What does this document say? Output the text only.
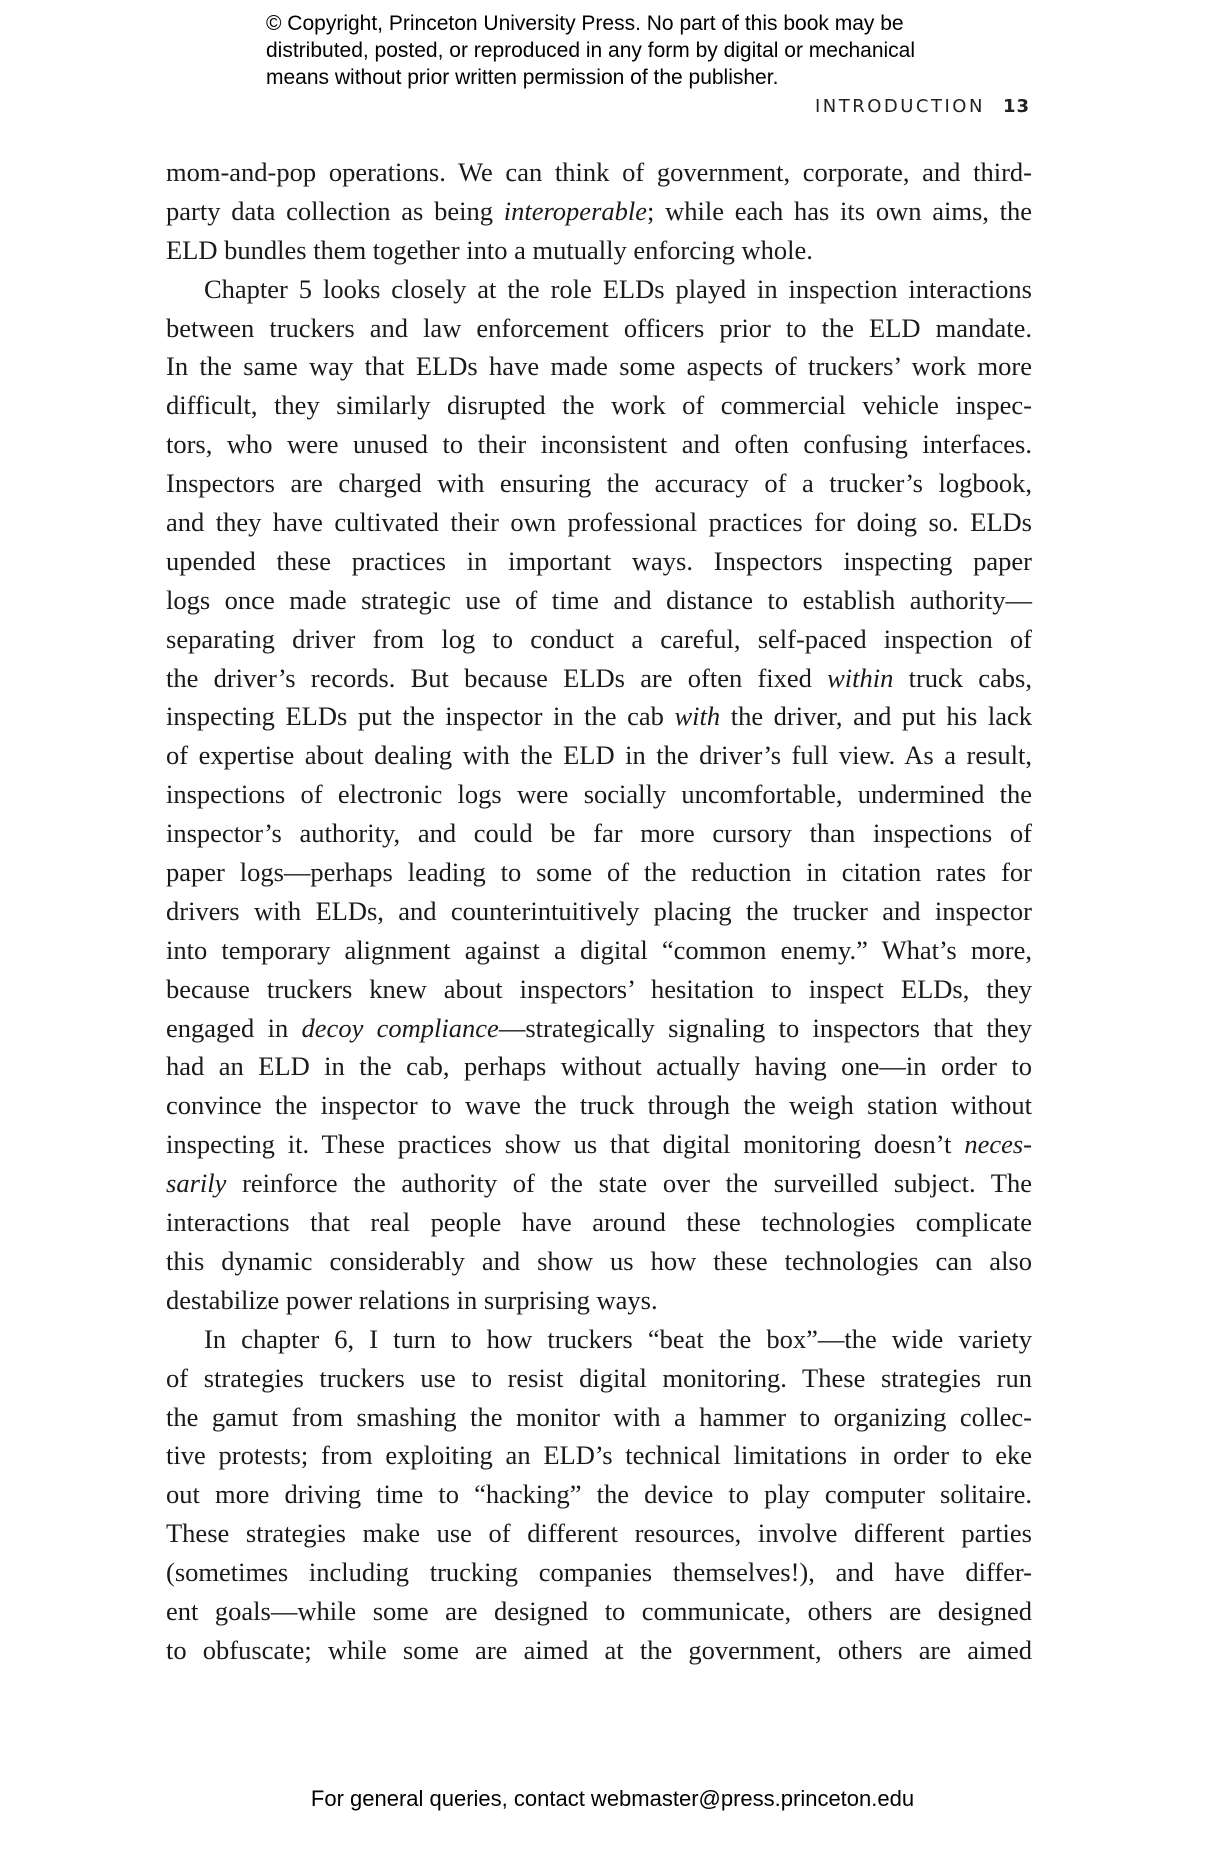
© Copyright, Princeton University Press. No part of this book may be
distributed, posted, or reproduced in any form by digital or mechanical
means without prior written permission of the publisher.
INTRODUCTION 13
mom-and-pop operations. We can think of government, corporate, and third-
party data collection as being interoperable; while each has its own aims, the
ELD bundles them together into a mutually enforcing whole.
Chapter 5 looks closely at the role ELDs played in inspection interactions
between truckers and law enforcement officers prior to the ELD mandate.
In the same way that ELDs have made some aspects of truckers’ work more
difficult, they similarly disrupted the work of commercial vehicle inspec-
tors, who were unused to their inconsistent and often confusing interfaces.
Inspectors are charged with ensuring the accuracy of a trucker’s logbook,
and they have cultivated their own professional practices for doing so. ELDs
upended these practices in important ways. Inspectors inspecting paper
logs once made strategic use of time and distance to establish authority—
separating driver from log to conduct a careful, self-paced inspection of
the driver’s records. But because ELDs are often fixed within truck cabs,
inspecting ELDs put the inspector in the cab with the driver, and put his lack
of expertise about dealing with the ELD in the driver’s full view. As a result,
inspections of electronic logs were socially uncomfortable, undermined the
inspector’s authority, and could be far more cursory than inspections of
paper logs—perhaps leading to some of the reduction in citation rates for
drivers with ELDs, and counterintuitively placing the trucker and inspector
into temporary alignment against a digital “common enemy.” What’s more,
because truckers knew about inspectors’ hesitation to inspect ELDs, they
engaged in decoy compliance—strategically signaling to inspectors that they
had an ELD in the cab, perhaps without actually having one—in order to
convince the inspector to wave the truck through the weigh station without
inspecting it. These practices show us that digital monitoring doesn’t neces-
sarily reinforce the authority of the state over the surveilled subject. The
interactions that real people have around these technologies complicate
this dynamic considerably and show us how these technologies can also
destabilize power relations in surprising ways.
In chapter 6, I turn to how truckers “beat the box”—the wide variety
of strategies truckers use to resist digital monitoring. These strategies run
the gamut from smashing the monitor with a hammer to organizing collec-
tive protests; from exploiting an ELD’s technical limitations in order to eke
out more driving time to “hacking” the device to play computer solitaire.
These strategies make use of different resources, involve different parties
(sometimes including trucking companies themselves!), and have differ-
ent goals—while some are designed to communicate, others are designed
to obfuscate; while some are aimed at the government, others are aimed
For general queries, contact webmaster@press.princeton.edu
